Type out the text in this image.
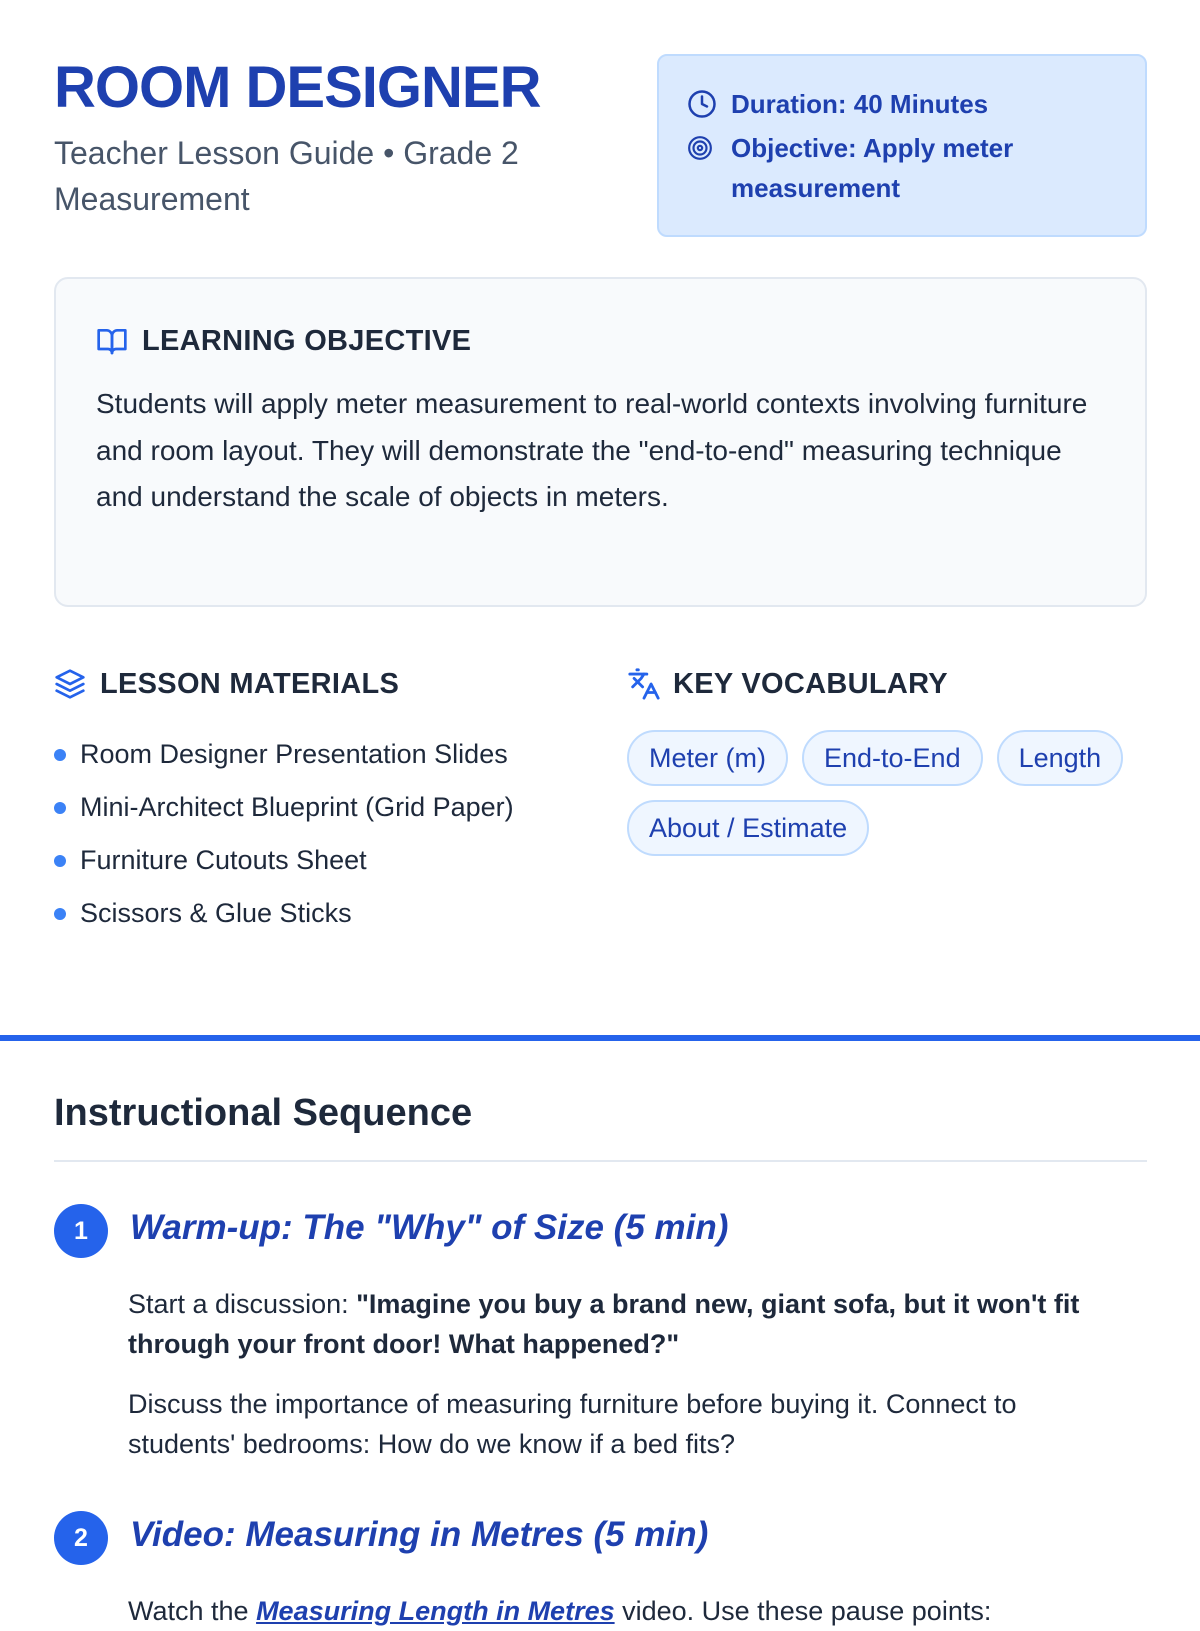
ROOM DESIGNER
Teacher Lesson Guide • Grade 2 Measurement
Duration: 40 Minutes
Objective: Apply meter measurement
LEARNING OBJECTIVE

Students will apply meter measurement to real-world contexts involving furniture and room layout. They will demonstrate the "end-to-end" measuring technique and understand the scale of objects in meters.

LESSON MATERIALS
Room Designer Presentation Slides
Mini-Architect Blueprint (Grid Paper)
Furniture Cutouts Sheet
Scissors & Glue Sticks
KEY VOCABULARY
Meter (m)	End-to-End	Length
About / Estimate
Instructional Sequence
1	Warm-up: The "Why" of Size (5 min)

Start a discussion: "Imagine you buy a brand new, giant sofa, but it won't fit through your front door! What happened?"

Discuss the importance of measuring furniture before buying it. Connect to students' bedrooms: How do we know if a bed fits?

2	Video: Measuring in Metres (5 min)

Watch the Measuring Length in Metres video. Use these pause points:
